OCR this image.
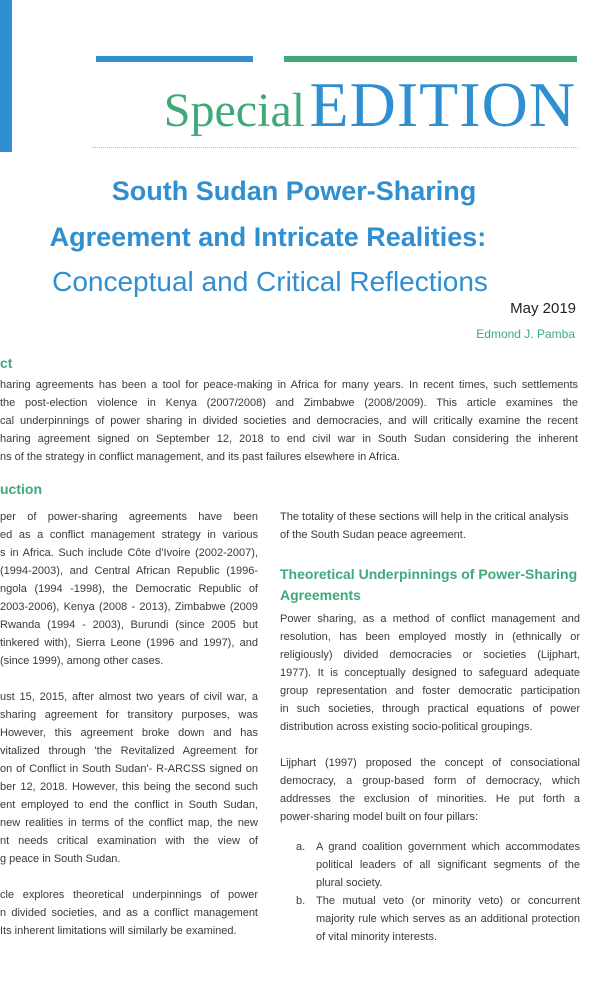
Special EDITION
South Sudan Power-Sharing
Agreement and Intricate Realities:
Conceptual and Critical Reflections
May 2019
Edmond J. Pamba
ct
haring agreements has been a tool for peace-making in Africa for many years. In recent times, such settlements
the post-election violence in Kenya (2007/2008) and Zimbabwe (2008/2009). This article examines the
cal underpinnings of power sharing in divided societies and democracies, and will critically examine the recent
haring agreement signed on September 12, 2018 to end civil war in South Sudan considering the inherent
ns of the strategy in conflict management, and its past failures elsewhere in Africa.
uction
per of power-sharing agreements have been
ed as a conflict management strategy in various
s in Africa. Such include Côte d'Ivoire (2002-2007),
(1994-2003), and Central African Republic (1996-
ngola (1994 -1998), the Democratic Republic of
2003-2006), Kenya (2008 - 2013), Zimbabwe (2009
Rwanda (1994 - 2003), Burundi (since 2005 but
tinkered with), Sierra Leone (1996 and 1997), and
(since 1999), among other cases.
ust 15, 2015, after almost two years of civil war, a
sharing agreement for transitory purposes, was
However, this agreement broke down and has
vitalized through 'the Revitalized Agreement for
on of Conflict in South Sudan'- R-ARCSS signed on
ber 12, 2018. However, this being the second such
ent employed to end the conflict in South Sudan,
new realities in terms of the conflict map, the new
nt needs critical examination with the view of
g peace in South Sudan.
cle explores theoretical underpinnings of power
n divided societies, and as a conflict management
Its inherent limitations will similarly be examined.
The totality of these sections will help in the critical analysis
of the South Sudan peace agreement.
Theoretical Underpinnings of Power-Sharing
Agreements
Power sharing, as a method of conflict management and
resolution, has been employed mostly in (ethnically or
religiously) divided democracies or societies (Lijphart,
1977). It is conceptually designed to safeguard adequate
group representation and foster democratic participation
in such societies, through practical equations of power
distribution across existing socio-political groupings.
Lijphart (1997) proposed the concept of consociational
democracy, a group-based form of democracy, which
addresses the exclusion of minorities. He put forth a
power-sharing model built on four pillars:
a. A grand coalition government which accommodates
political leaders of all significant segments of the
plural society.
b. The mutual veto (or minority veto) or concurrent
majority rule which serves as an additional protection
of vital minority interests.
